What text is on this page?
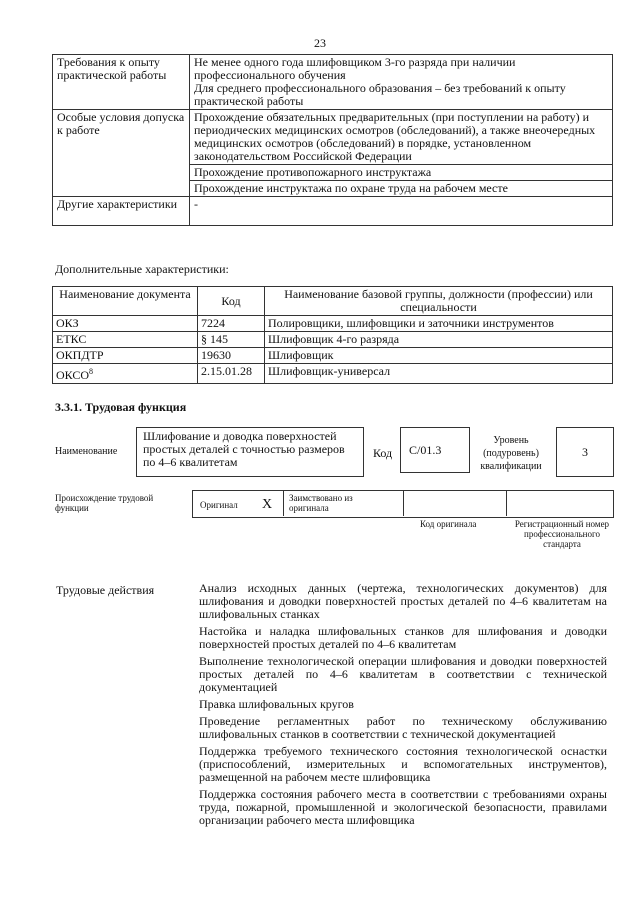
23
Требования к опыту практической работы	Не менее одного года шлифовщиком 3-го разряда при наличии профессионального обучения
Для среднего профессионального образования – без требований к опыту практической работы

Особые условия допуска к работе	Прохождение обязательных предварительных (при поступлении на работу) и периодических медицинских осмотров (обследований), а также внеочередных медицинских осмотров (обследований) в порядке, установленном законодательством Российской Федерации
	Прохождение противопожарного инструктажа
	Прохождение инструктажа по охране труда на рабочем месте
Другие характеристики	-
Дополнительные характеристики:
Наименование документа	Код	Наименование базовой группы, должности (профессии) или специальности
ОКЗ	7224	Полировщики, шлифовщики и заточники инструментов
ЕТКС	§ 145	Шлифовщик 4-го разряда
ОКПДТР	19630	Шлифовщик
ОКСО$^8$	2.15.01.28	Шлифовщик-универсал
3.3.1. Трудовая функция
Наименование
Шлифование и доводка поверхностей простых деталей с точностью размеров по 4–6 квалитетам
Код	C/01.3
Уровень (подуровень) квалификации
3
Происхождение трудовой функции	Оригинал X Заимствовано из оригинала
Код оригинала	Регистрационный номер профессионального стандарта
Трудовые действия	Анализ исходных данных (чертежа, технологических документов) для шлифования и доводки поверхностей простых деталей по 4–6 квалитетам на шлифовальных станках
Настойка и наладка шлифовальных станков для шлифования и доводки поверхностей простых деталей по 4–6 квалитетам
Выполнение технологической операции шлифования и доводки поверхностей простых деталей по 4–6 квалитетам в соответствии с технической документацией
Правка шлифовальных кругов
Проведение регламентных работ по техническому обслуживанию шлифовальных станков в соответствии с технической документацией
Поддержка требуемого технического состояния технологической оснастки (приспособлений, измерительных и вспомогательных инструментов), размещенной на рабочем месте шлифовщика
Поддержка состояния рабочего места в соответствии с требованиями охраны труда, пожарной, промышленной и экологической безопасности, правилами организации рабочего места шлифовщика
